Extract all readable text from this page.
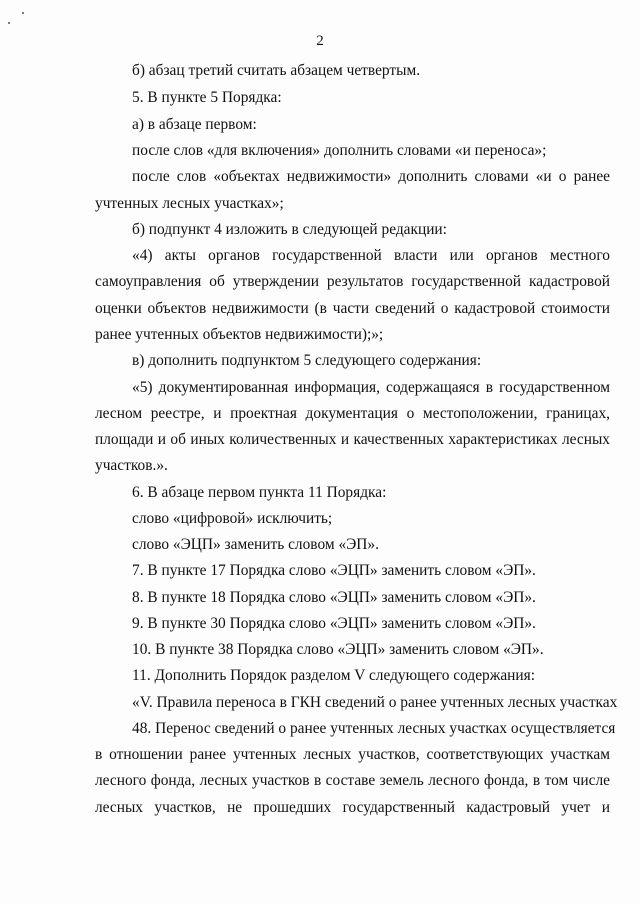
2
б) абзац третий считать абзацем четвертым.
5. В пункте 5 Порядка:
а) в абзаце первом:
после слов «для включения» дополнить словами «и переноса»;
после слов «объектах недвижимости» дополнить словами «и о ранее
учтенных лесных участках»;
б) подпункт 4 изложить в следующей редакции:
«4) акты органов государственной власти или органов местного
самоуправления об утверждении результатов государственной кадастровой
оценки объектов недвижимости (в части сведений о кадастровой стоимости
ранее учтенных объектов недвижимости);»;
в) дополнить подпунктом 5 следующего содержания:
«5) документированная информация, содержащаяся в государственном
лесном реестре, и проектная документация о местоположении, границах,
площади и об иных количественных и качественных характеристиках лесных
участков.».
6. В абзаце первом пункта 11 Порядка:
слово «цифровой» исключить;
слово «ЭЦП» заменить словом «ЭП».
7. В пункте 17 Порядка слово «ЭЦП» заменить словом «ЭП».
8. В пункте 18 Порядка слово «ЭЦП» заменить словом «ЭП».
9. В пункте 30 Порядка слово «ЭЦП» заменить словом «ЭП».
10. В пункте 38 Порядка слово «ЭЦП» заменить словом «ЭП».
11. Дополнить Порядок разделом V следующего содержания:
«V. Правила переноса в ГКН сведений о ранее учтенных лесных участках
48. Перенос сведений о ранее учтенных лесных участках осуществляется
в отношении ранее учтенных лесных участков, соответствующих участкам
лесного фонда, лесных участков в составе земель лесного фонда, в том числе
лесных участков, не прошедших государственный кадастровый учет и
